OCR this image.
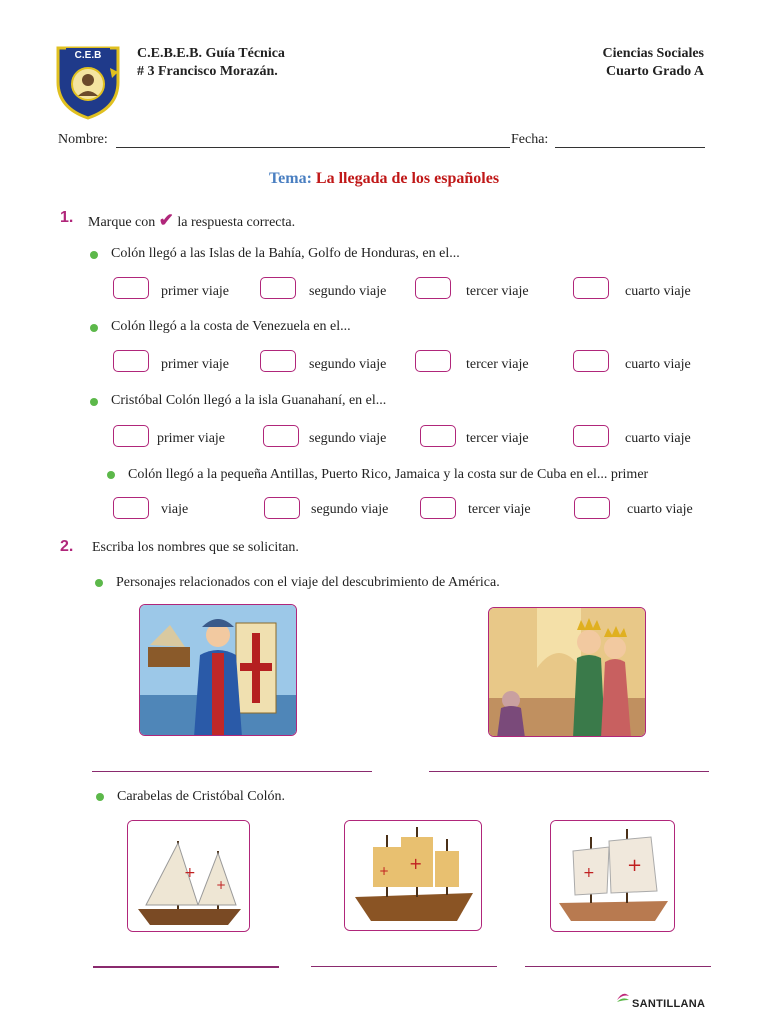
C.E.B	C.E.B.E.B. Guía Técnica
# 3 Francisco Morazán.
Ciencias Sociales
Cuarto Grado A
Nombre:	Fecha:
Tema: La llegada de los españoles
1. Marque con ✔ la respuesta correcta.
Colón llegó a las Islas de la Bahía, Golfo de Honduras, en el...
primer viaje	segundo viaje	tercer viaje	cuarto viaje
Colón llegó a la costa de Venezuela en el...
primer viaje	segundo viaje	tercer viaje	cuarto viaje
Cristóbal Colón llegó a la isla Guanahaní, en el...
primer viaje	segundo viaje	tercer viaje	cuarto viaje
Colón llegó a la pequeña Antillas, Puerto Rico, Jamaica y la costa sur de Cuba en el... primer
viaje	segundo viaje	tercer viaje	cuarto viaje
2. Escriba los nombres que se solicitan.
Personajes relacionados con el viaje del descubrimiento de América.
Carabelas de Cristóbal Colón.
+
+
+
+	+
+
SANTILLANA
